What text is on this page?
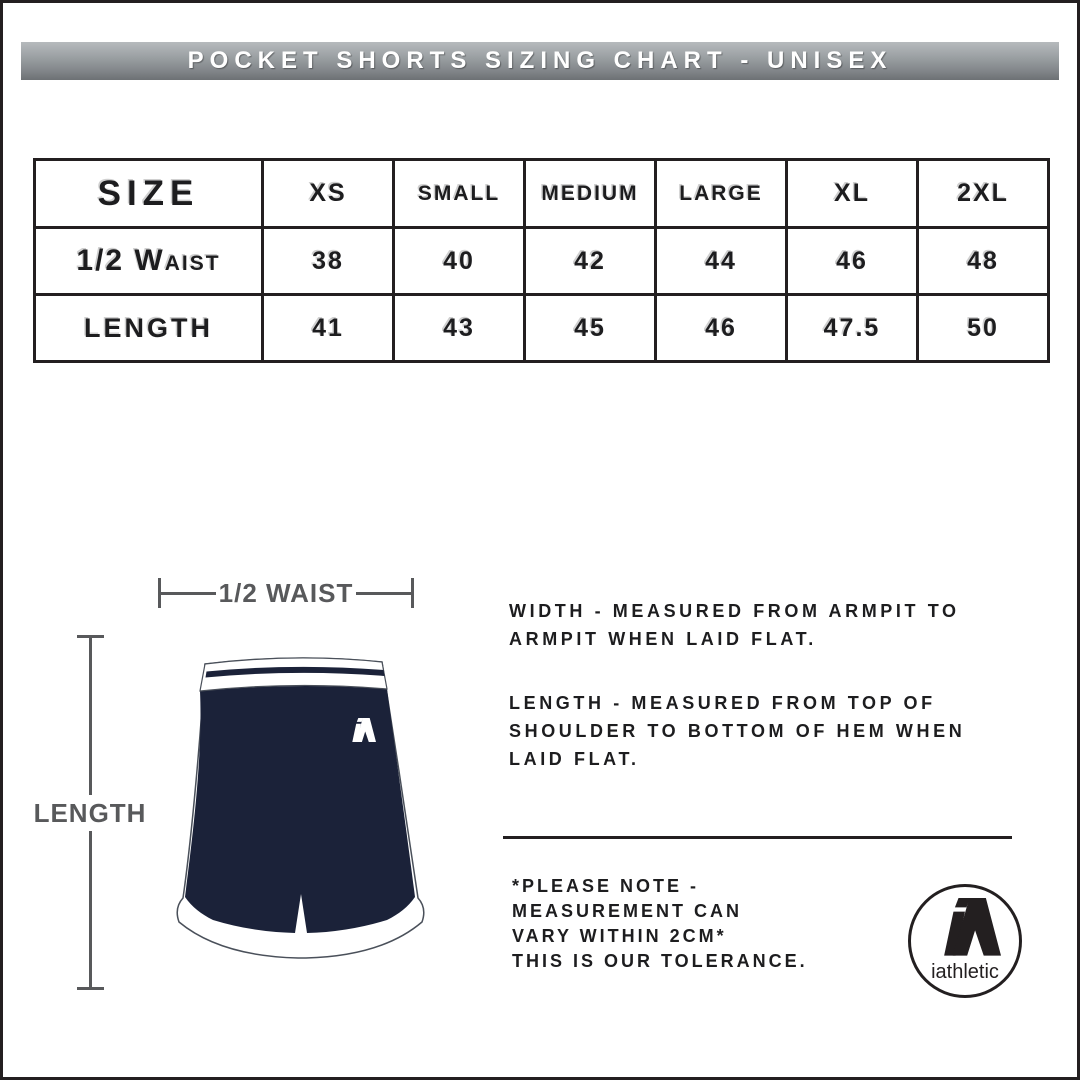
POCKET SHORTS SIZING CHART - UNISEX
SIZE	XS	SMALL	MEDIUM	LARGE	XL	2XL
1/2 Waist	38	40	42	44	46	48
LENGTH	41	43	45	46	47.5	50
1/2 WAIST
LENGTH

WIDTH - MEASURED FROM ARMPIT TO ARMPIT WHEN LAID FLAT.

LENGTH - MEASURED FROM TOP OF SHOULDER TO BOTTOM OF HEM WHEN LAID FLAT.

*PLEASE NOTE -
MEASUREMENT CAN
VARY WITHIN 2CM*
THIS IS OUR TOLERANCE.	iathletic
